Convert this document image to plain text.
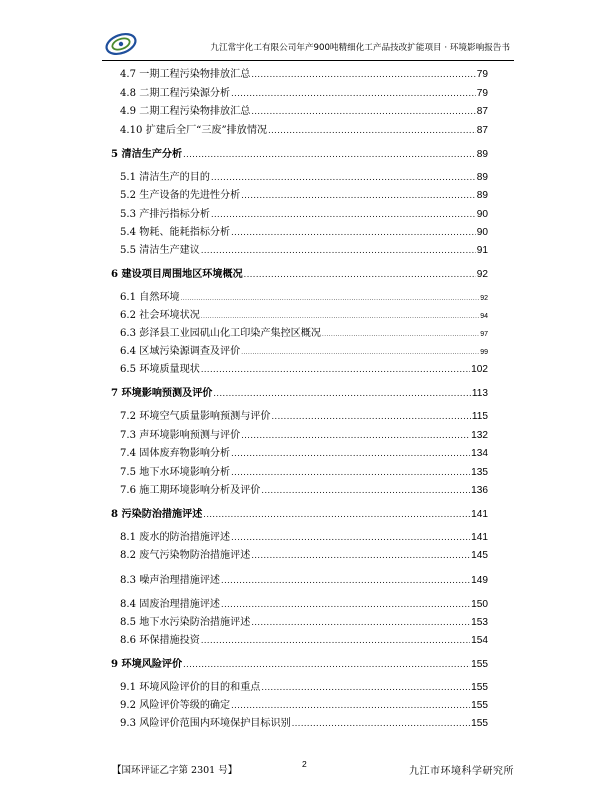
九江常宇化工有限公司年产900吨精细化工产品技改扩能项目 · 环境影响报告书
4.7 一期工程污染物排放汇总 .....	79
4.8 二期工程污染源分析 .....	79
4.9 二期工程污染物排放汇总 .....	87
4.10 扩建后全厂“三废”排放情况 .....	87
5 清洁生产分析 .....	89
5.1 清洁生产的目的 .....	89
5.2 生产设备的先进性分析 .....	89
5.3 产排污指标分析 .....	90
5.4 物耗、能耗指标分析 .....	90
5.5 清洁生产建议 .....	91
6 建设项目周围地区环境概况 .....	92
6.1 自然环境 .....	92
6.2 社会环境状况 .....	94
6.3 彭泽县工业园矶山化工印染产集控区概况 .....	97
6.4 区域污染源调查及评价 .....	99
6.5 环境质量现状 .....	102
7 环境影响预测及评价 .....	113
7.2 环境空气质量影响预测与评价 .....	115
7.3 声环境影响预测与评价 .....	132
7.4 固体废弃物影响分析 .....	134
7.5 地下水环境影响分析 .....	135
7.6 施工期环境影响分析及评价 .....	136
8 污染防治措施评述 .....	141
8.1 废水的防治措施评述 .....	141
8.2 废气污染物防治措施评述 .....	145
8.3 噪声治理措施评述 .....	149
8.4 固废治理措施评述 .....	150
8.5 地下水污染防治措施评述 .....	153
8.6 环保措施投资 .....	154
9 环境风险评价 .....	155
9.1 环境风险评价的目的和重点 .....	155
9.2 风险评价等级的确定 .....	155
9.3 风险评价范围内环境保护目标识别 .....	155
【国环评证乙字第 2301 号】
2
九江市环境科学研究所
